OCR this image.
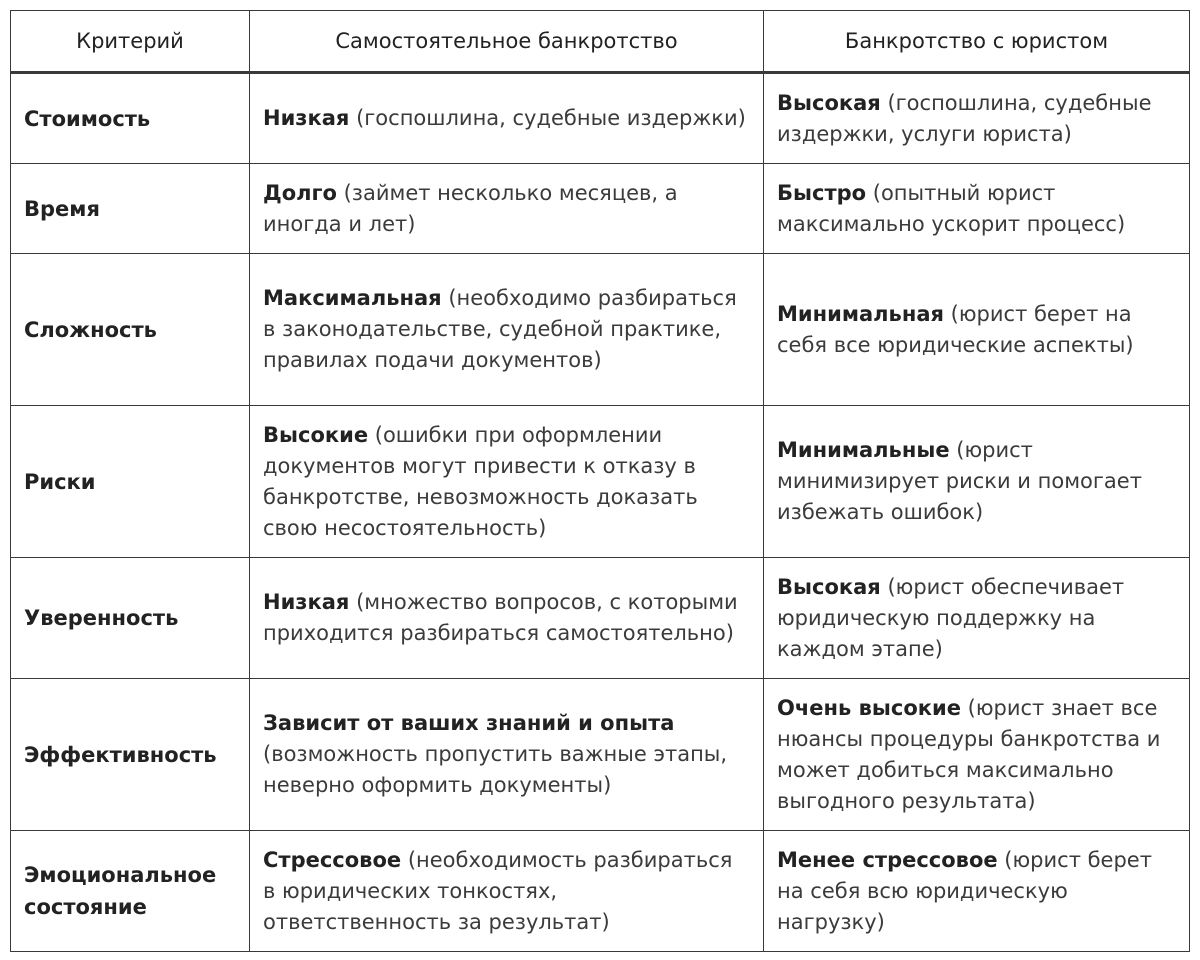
Критерий	Самостоятельное банкротство	Банкротство с юристом
Стоимость	Низкая (госпошлина, судебные издержки)	Высокая (госпошлина, судебные издержки, услуги юриста)
Время	Долго (займет несколько месяцев, а иногда и лет)	Быстро (опытный юрист максимально ускорит процесс)
Сложность	Максимальная (необходимо разбираться в законодательстве, судебной практике, правилах подачи документов)	Минимальная (юрист берет на себя все юридические аспекты)
Риски	Высокие (ошибки при оформлении документов могут привести к отказу в банкротстве, невозможность доказать свою несостоятельность)	Минимальные (юрист минимизирует риски и помогает избежать ошибок)
Уверенность	Низкая (множество вопросов, с которыми приходится разбираться самостоятельно)	Высокая (юрист обеспечивает юридическую поддержку на каждом этапе)
Эффективность	Зависит от ваших знаний и опыта (возможность пропустить важные этапы, неверно оформить документы)	Очень высокие (юрист знает все нюансы процедуры банкротства и может добиться максимально выгодного результата)
Эмоциональное состояние	Стрессовое (необходимость разбираться в юридических тонкостях, ответственность за результат)	Менее стрессовое (юрист берет на себя всю юридическую нагрузку)
